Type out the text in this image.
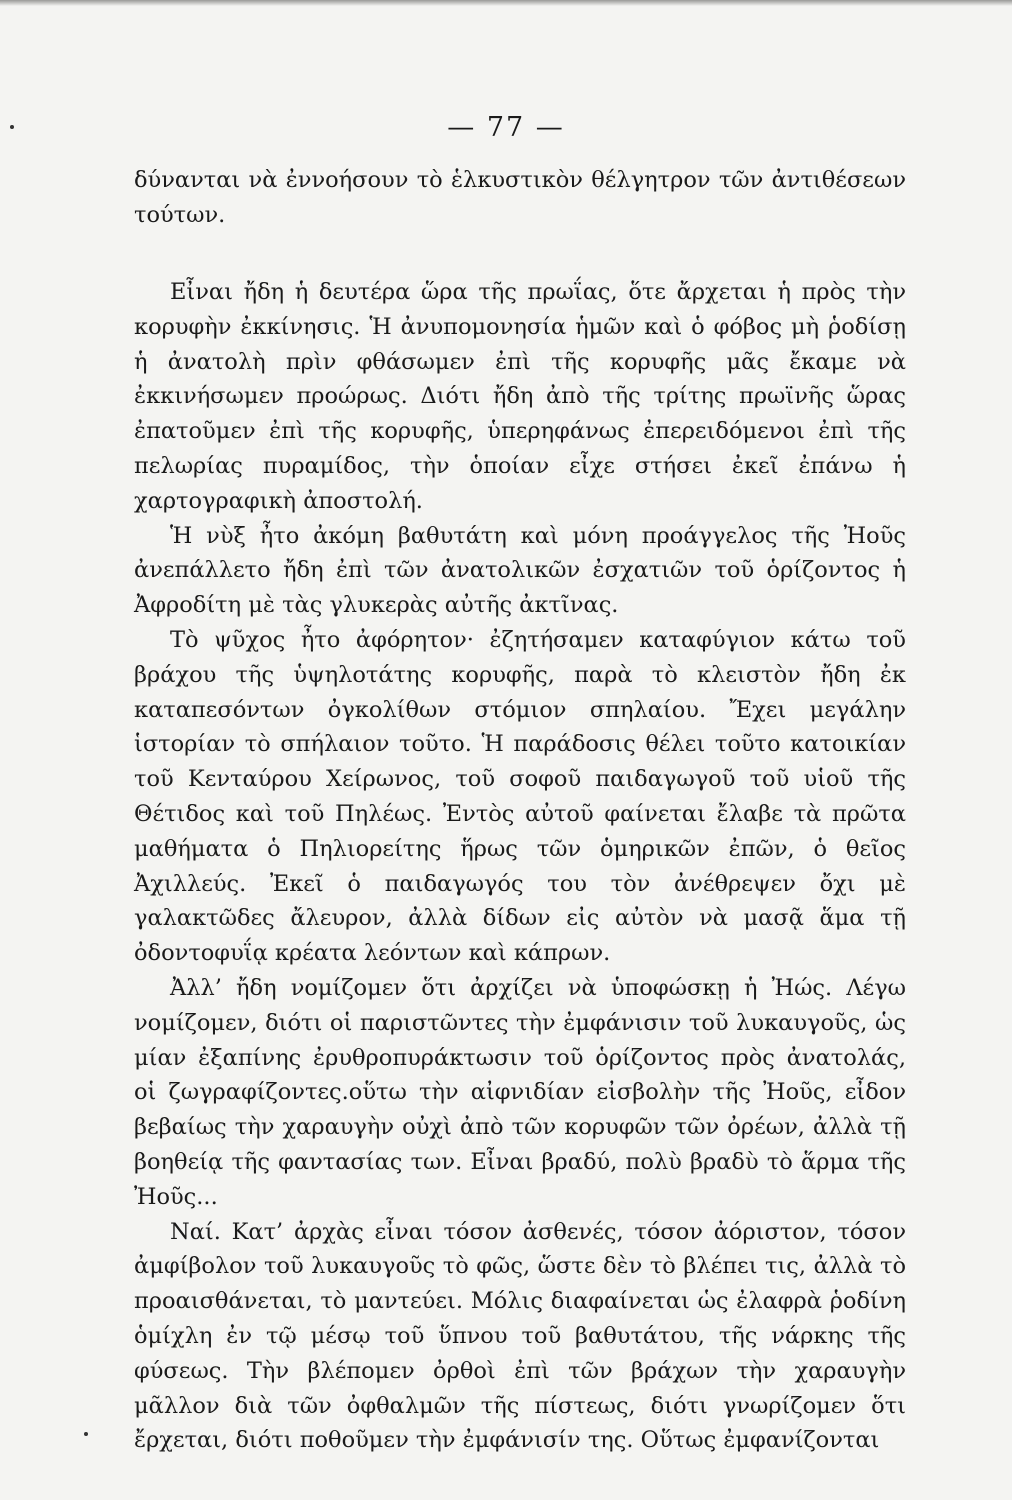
— 77 —

δύνανται νὰ ἐννοήσουν τὸ ἑλκυστικὸν θέλγητρον τῶν ἀντιθέσεων τούτων.

Εἶναι ἤδη ἡ δευτέρα ὥρα τῆς πρωΐας, ὅτε ἄρχεται ἡ πρὸς τὴν κορυφὴν ἐκκίνησις. Ἡ ἀνυπομονησία ἡμῶν καὶ ὁ φόβος μὴ ῥοδίσῃ ἡ ἀνατολὴ πρὶν φθάσωμεν ἐπὶ τῆς κορυφῆς μᾶς ἔκαμε νὰ ἐκκινήσωμεν προώρως. Διότι ἤδη ἀπὸ τῆς τρίτης πρωϊνῆς ὥρας ἐπατοῦμεν ἐπὶ τῆς κορυφῆς, ὑπερηφάνως ἐπερειδόμενοι ἐπὶ τῆς πελωρίας πυραμίδος, τὴν ὁποίαν εἶχε στήσει ἐκεῖ ἐπάνω ἡ χαρτογραφικὴ ἀποστολή.

Ἡ νὺξ ἦτο ἀκόμη βαθυτάτη καὶ μόνη προάγγελος τῆς Ἠοῦς ἀνεπάλλετο ἤδη ἐπὶ τῶν ἀνατολικῶν ἐσχατιῶν τοῦ ὁρίζοντος ἡ Ἀφροδίτη μὲ τὰς γλυκερὰς αὐτῆς ἀκτῖνας.

Τὸ ψῦχος ἦτο ἀφόρητον· ἐζητήσαμεν καταφύγιον κάτω τοῦ βράχου τῆς ὑψηλοτάτης κορυφῆς, παρὰ τὸ κλειστὸν ἤδη ἐκ καταπεσόντων ὀγκολίθων στόμιον σπηλαίου. Ἔχει μεγάλην ἱστορίαν τὸ σπήλαιον τοῦτο. Ἡ παράδοσις θέλει τοῦτο κατοικίαν τοῦ Κενταύρου Χείρωνος, τοῦ σοφοῦ παιδαγωγοῦ τοῦ υἱοῦ τῆς Θέτιδος καὶ τοῦ Πηλέως. Ἐντὸς αὐτοῦ φαίνεται ἔλαβε τὰ πρῶτα μαθήματα ὁ Πηλιορείτης ἥρως τῶν ὁμηρικῶν ἐπῶν, ὁ θεῖος Ἀχιλλεύς. Ἐκεῖ ὁ παιδαγωγός του τὸν ἀνέθρεψεν ὄχι μὲ γαλακτῶδες ἄλευρον, ἀλλὰ δίδων εἰς αὐτὸν νὰ μασᾷ ἅμα τῇ ὀδοντοφυΐᾳ κρέατα λεόντων καὶ κάπρων.

Ἀλλ’ ἤδη νομίζομεν ὅτι ἀρχίζει νὰ ὑποφώσκῃ ἡ Ἠώς. Λέγω νομίζομεν, διότι οἱ παριστῶντες τὴν ἐμφάνισιν τοῦ λυκαυγοῦς, ὡς μίαν ἐξαπίνης ἐρυθροπυράκτωσιν τοῦ ὁρίζοντος πρὸς ἀνατολάς, οἱ ζωγραφίζοντες.οὕτω τὴν αἰφνιδίαν εἰσβολὴν τῆς Ἠοῦς, εἶδον βεβαίως τὴν χαραυγὴν οὐχὶ ἀπὸ τῶν κορυφῶν τῶν ὀρέων, ἀλλὰ τῇ βοηθείᾳ τῆς φαντασίας των. Εἶναι βραδύ, πολὺ βραδὺ τὸ ἅρμα τῆς Ἠοῦς...

Ναί. Κατ’ ἀρχὰς εἶναι τόσον ἀσθενές, τόσον ἀόριστον, τόσον ἀμφίβολον τοῦ λυκαυγοῦς τὸ φῶς, ὥστε δὲν τὸ βλέπει τις, ἀλλὰ τὸ προαισθάνεται, τὸ μαντεύει. Μόλις διαφαίνεται ὡς ἐλαφρὰ ῥοδίνη ὁμίχλη ἐν τῷ μέσῳ τοῦ ὕπνου τοῦ βαθυτάτου, τῆς νάρκης τῆς φύσεως. Τὴν βλέπομεν ὀρθοὶ ἐπὶ τῶν βράχων τὴν χαραυγὴν μᾶλλον διὰ τῶν ὀφθαλμῶν τῆς πίστεως, διότι γνωρίζομεν ὅτι ἔρχεται, διότι ποθοῦμεν τὴν ἐμφάνισίν της. Οὕτως ἐμφανίζονται
